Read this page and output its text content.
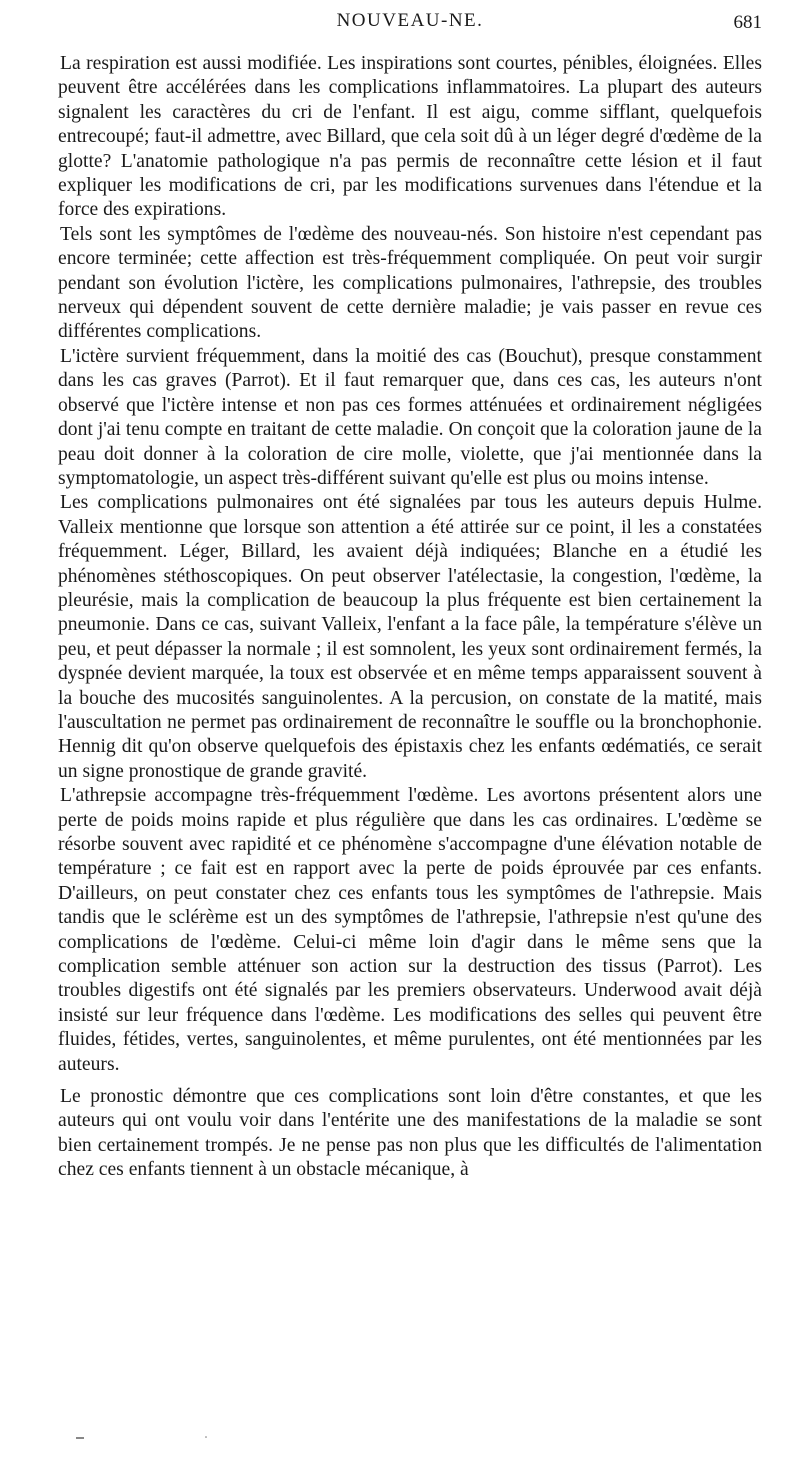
NOUVEAU-NE.	681

La respiration est aussi modifiée. Les inspirations sont courtes, pénibles, éloignées. Elles peuvent être accélérées dans les complications inflammatoires. La plupart des auteurs signalent les caractères du cri de l'enfant. Il est aigu, comme sifflant, quelquefois entrecoupé; faut-il admettre, avec Billard, que cela soit dû à un léger degré d'œdème de la glotte? L'anatomie pathologique n'a pas permis de reconnaître cette lésion et il faut expliquer les modifications de cri, par les modifications survenues dans l'étendue et la force des expirations.

Tels sont les symptômes de l'œdème des nouveau-nés. Son histoire n'est cependant pas encore terminée; cette affection est très-fréquemment compliquée. On peut voir surgir pendant son évolution l'ictère, les complications pulmonaires, l'athrepsie, des troubles nerveux qui dépendent souvent de cette dernière maladie; je vais passer en revue ces différentes complications.

L'ictère survient fréquemment, dans la moitié des cas (Bouchut), presque constamment dans les cas graves (Parrot). Et il faut remarquer que, dans ces cas, les auteurs n'ont observé que l'ictère intense et non pas ces formes atténuées et ordinairement négligées dont j'ai tenu compte en traitant de cette maladie. On conçoit que la coloration jaune de la peau doit donner à la coloration de cire molle, violette, que j'ai mentionnée dans la symptomatologie, un aspect très-différent suivant qu'elle est plus ou moins intense.

Les complications pulmonaires ont été signalées par tous les auteurs depuis Hulme. Valleix mentionne que lorsque son attention a été attirée sur ce point, il les a constatées fréquemment. Léger, Billard, les avaient déjà indiquées; Blanche en a étudié les phénomènes stéthoscopiques. On peut observer l'atélectasie, la congestion, l'œdème, la pleurésie, mais la complication de beaucoup la plus fréquente est bien certainement la pneumonie. Dans ce cas, suivant Valleix, l'enfant a la face pâle, la température s'élève un peu, et peut dépasser la normale ; il est somnolent, les yeux sont ordinairement fermés, la dyspnée devient marquée, la toux est observée et en même temps apparaissent souvent à la bouche des mucosités sanguinolentes. A la percusion, on constate de la matité, mais l'auscultation ne permet pas ordinairement de reconnaître le souffle ou la bronchophonie. Hennig dit qu'on observe quelquefois des épistaxis chez les enfants œdématiés, ce serait un signe pronostique de grande gravité.

L'athrepsie accompagne très-fréquemment l'œdème. Les avortons présentent alors une perte de poids moins rapide et plus régulière que dans les cas ordinaires. L'œdème se résorbe souvent avec rapidité et ce phénomène s'accompagne d'une élévation notable de température ; ce fait est en rapport avec la perte de poids éprouvée par ces enfants. D'ailleurs, on peut constater chez ces enfants tous les symptômes de l'athrepsie. Mais tandis que le sclérème est un des symptômes de l'athrepsie, l'athrepsie n'est qu'une des complications de l'œdème. Celui-ci même loin d'agir dans le même sens que la complication semble atténuer son action sur la destruction des tissus (Parrot). Les troubles digestifs ont été signalés par les premiers observateurs. Underwood avait déjà insisté sur leur fréquence dans l'œdème. Les modifications des selles qui peuvent être fluides, fétides, vertes, sanguinolentes, et même purulentes, ont été mentionnées par les auteurs.

Le pronostic démontre que ces complications sont loin d'être constantes, et que les auteurs qui ont voulu voir dans l'entérite une des manifestations de la maladie se sont bien certainement trompés. Je ne pense pas non plus que les difficultés de l'alimentation chez ces enfants tiennent à un obstacle mécanique, à
